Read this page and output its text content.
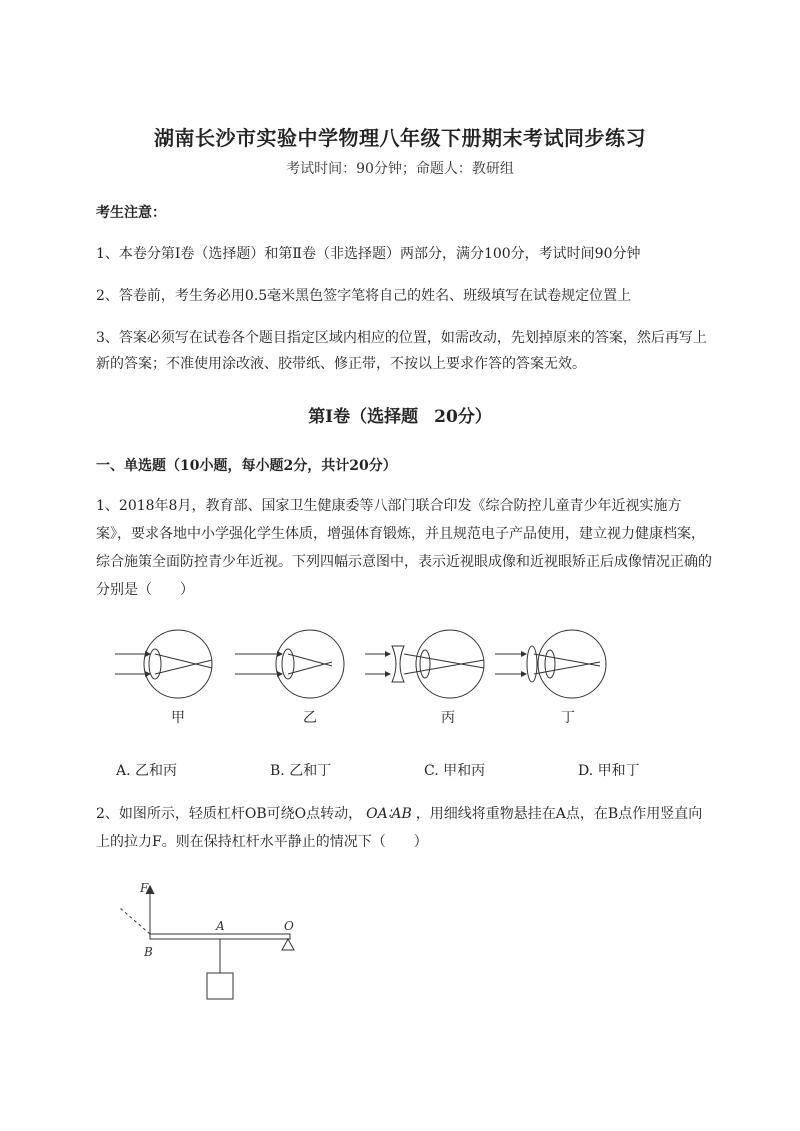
湖南长沙市实验中学物理八年级下册期末考试同步练习
考试时间：90分钟；命题人：教研组
考生注意：
1、本卷分第Ⅰ卷（选择题）和第Ⅱ卷（非选择题）两部分，满分100分，考试时间90分钟
2、答卷前，考生务必用0.5毫米黑色签字笔将自己的姓名、班级填写在试卷规定位置上
3、答案必须写在试卷各个题目指定区域内相应的位置，如需改动，先划掉原来的答案，然后再写上新的答案；不准使用涂改液、胶带纸、修正带，不按以上要求作答的答案无效。
第Ⅰ卷（选择题 20分）
一、单选题（10小题，每小题2分，共计20分）
1、2018年8月，教育部、国家卫生健康委等八部门联合印发《综合防控儿童青少年近视实施方案》，要求各地中小学强化学生体质，增强体育锻炼，并且规范电子产品使用，建立视力健康档案，综合施策全面防控青少年近视。下列四幅示意图中，表示近视眼成像和近视眼矫正后成像情况正确的分别是（　　）
甲	乙	丙	丁
A. 乙和丙	B. 乙和丁	C. 甲和丙	D. 甲和丁
2、如图所示，轻质杠杆OB可绕O点转动， OA∶AB ，用细线将重物悬挂在A点，在B点作用竖直向上的拉力F。则在保持杠杆水平静止的情况下（　　）
F
A	O
B
